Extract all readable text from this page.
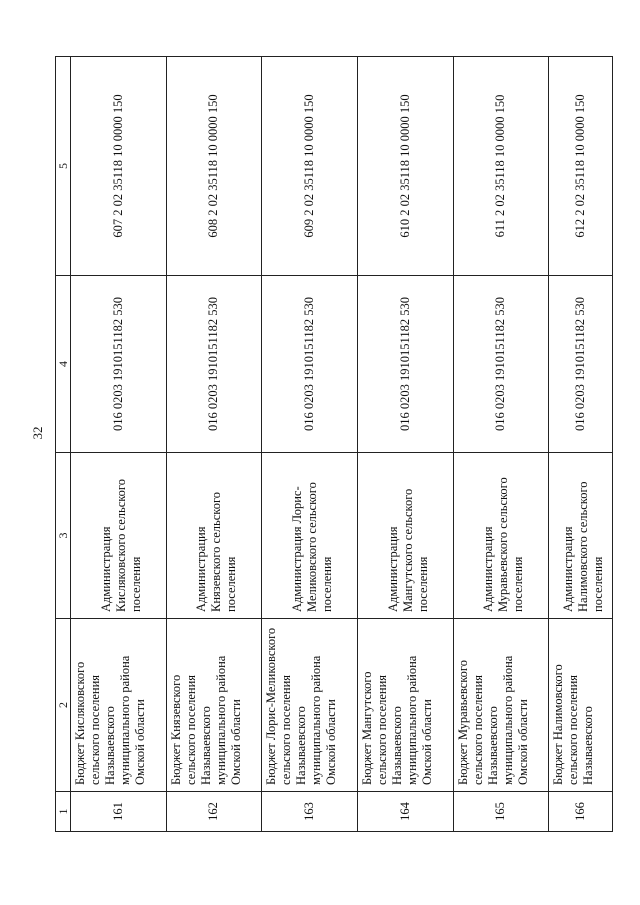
32
1	2	3	4	5
161	Бюджет Кисляковского сельского поселения Называевского муниципального района Омской области	Администрация Кисляковского сельского поселения	016 0203 1910151182 530	607 2 02 35118 10 0000 150
162	Бюджет Князевского сельского поселения Называевского муниципального района Омской области	Администрация Князевского сельского поселения	016 0203 1910151182 530	608 2 02 35118 10 0000 150
163	Бюджет Лорис-Меликовского сельского поселения Называевского муниципального района Омской области	Администрация Лорис-Меликовского сельского поселения	016 0203 1910151182 530	609 2 02 35118 10 0000 150
164	Бюджет Мангутского сельского поселения Называевского муниципального района Омской области	Администрация Мангутского сельского поселения	016 0203 1910151182 530	610 2 02 35118 10 0000 150
165	Бюджет Муравьевского сельского поселения Называевского муниципального района Омской области	Администрация Муравьевского сельского поселения	016 0203 1910151182 530	611 2 02 35118 10 0000 150
166	Бюджет Налимовского сельского поселения Называевского	Администрация Налимовского сельского поселения	016 0203 1910151182 530	612 2 02 35118 10 0000 150
